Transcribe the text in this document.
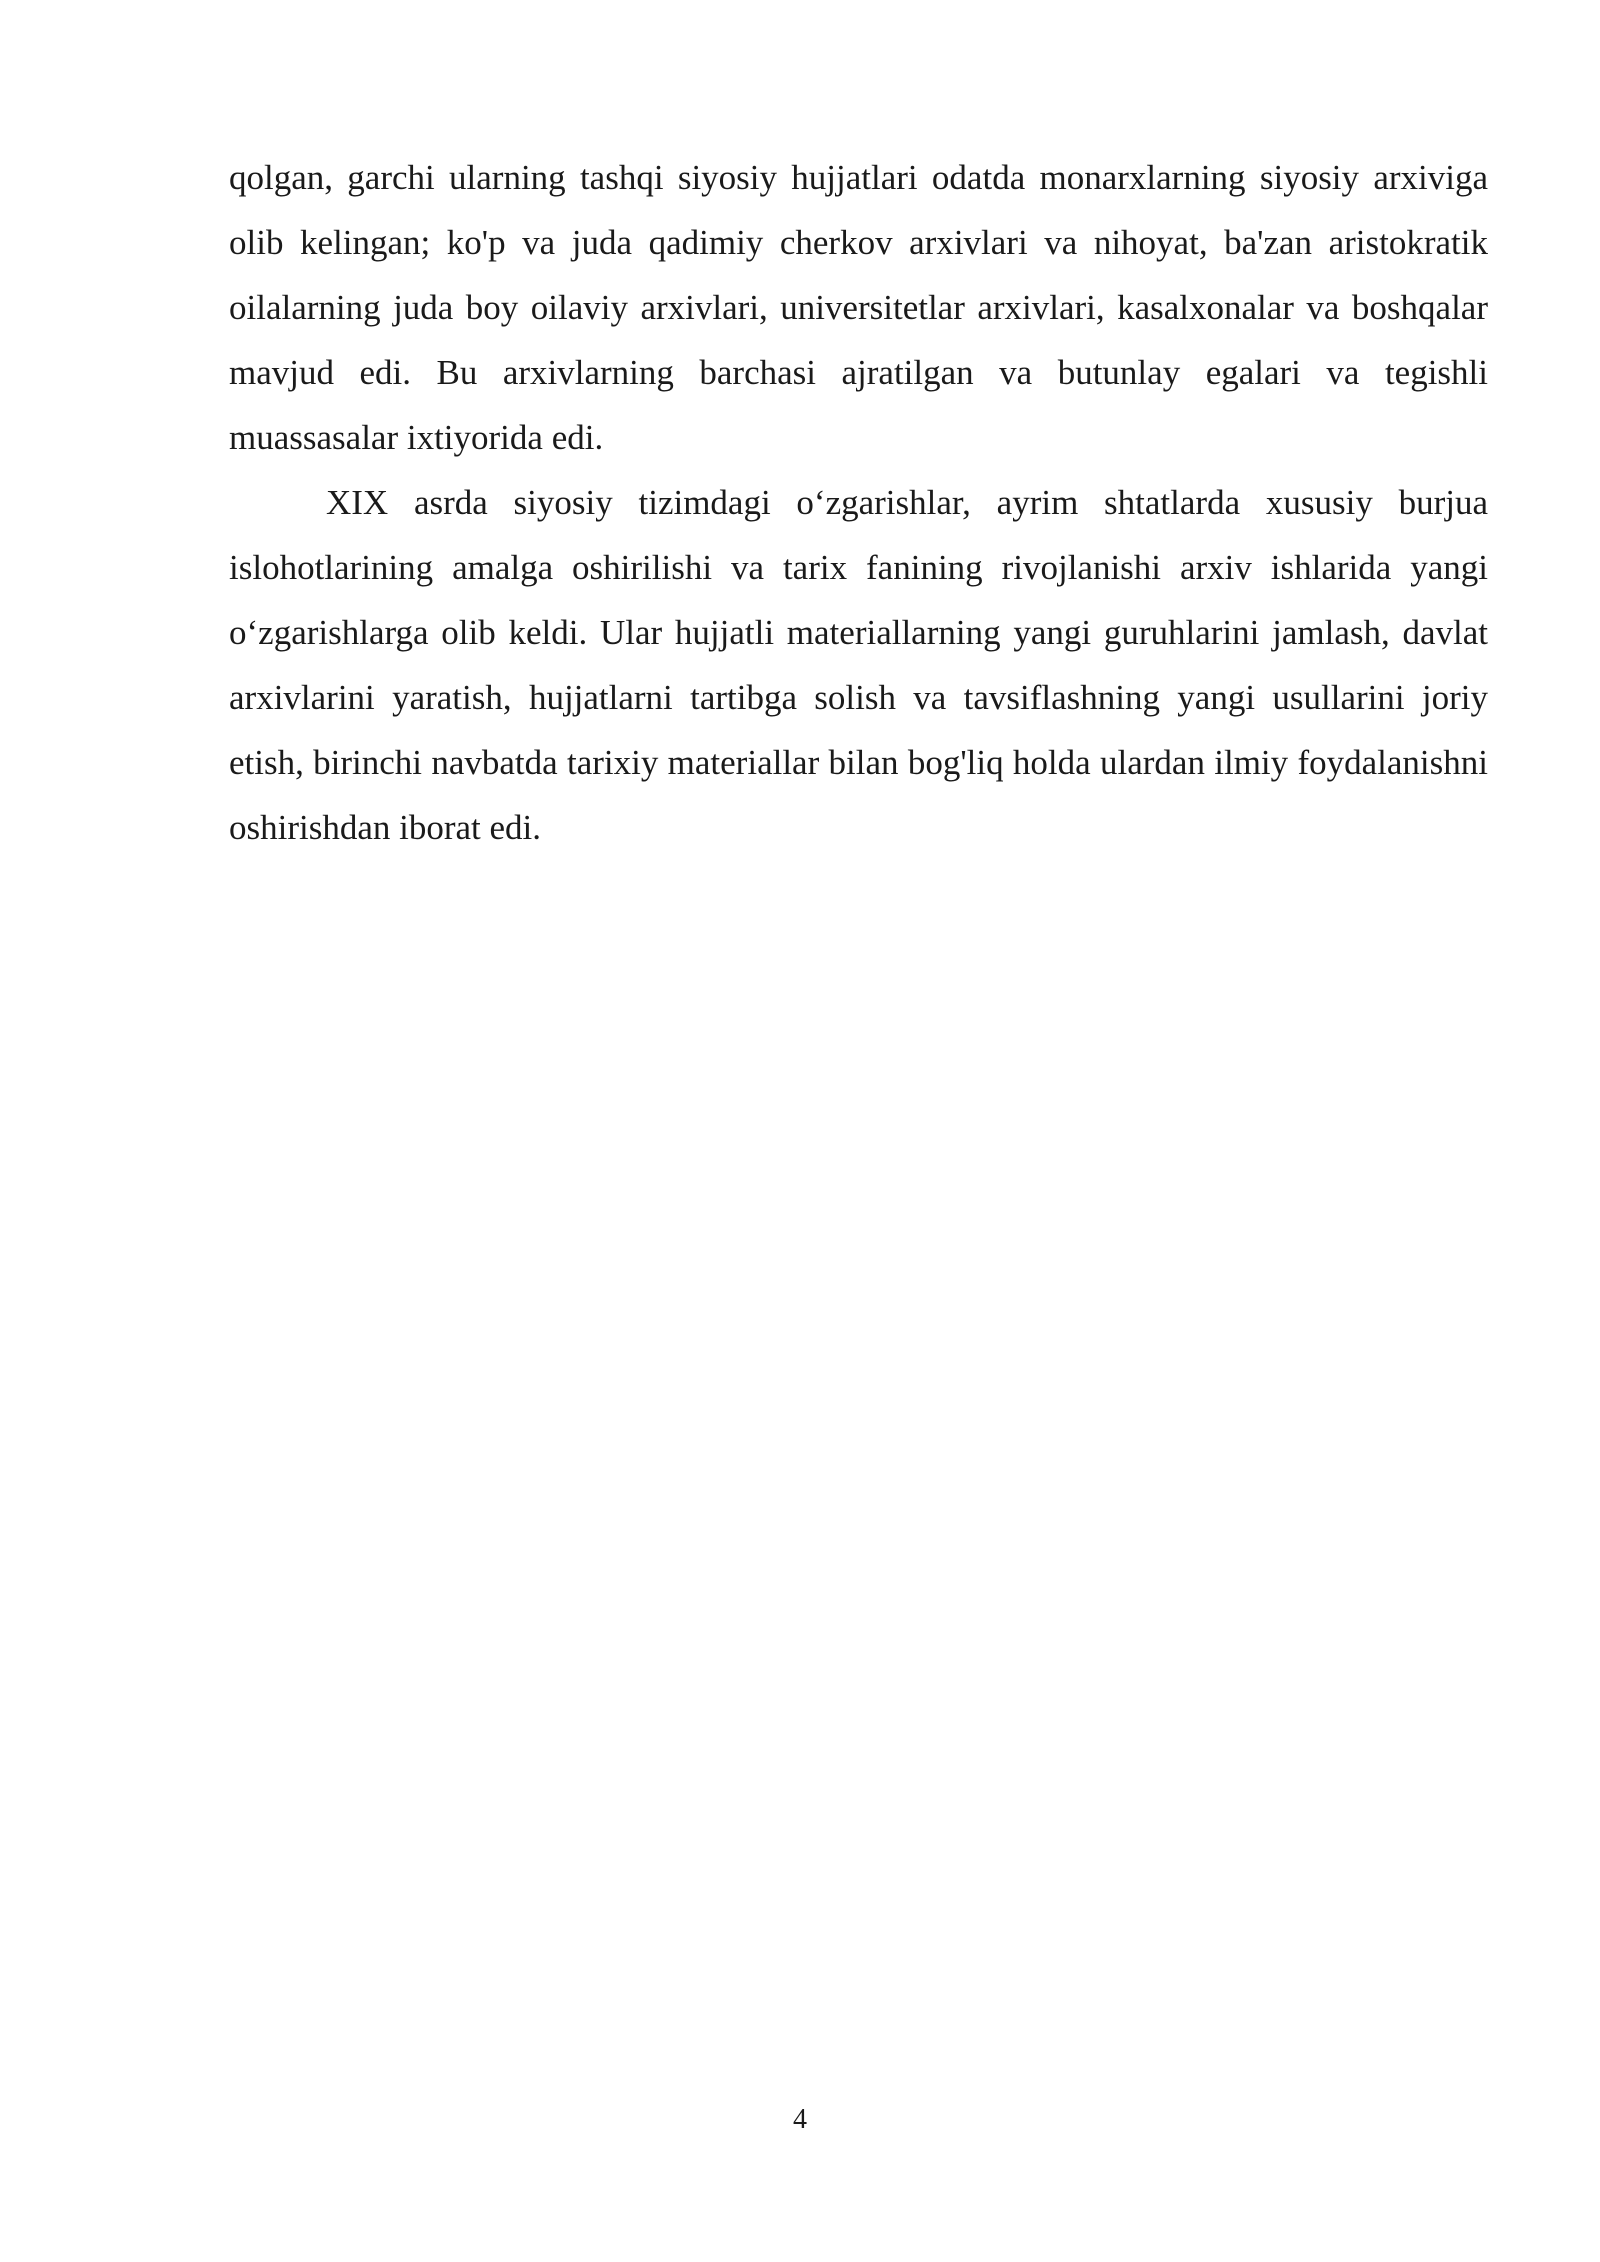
qolgan, garchi ularning tashqi siyosiy hujjatlari odatda monarxlarning siyosiy arxiviga olib kelingan; ko'p va juda qadimiy cherkov arxivlari va nihoyat, ba'zan aristokratik oilalarning juda boy oilaviy arxivlari, universitetlar arxivlari, kasalxonalar va boshqalar mavjud edi. Bu arxivlarning barchasi ajratilgan va butunlay egalari va tegishli muassasalar ixtiyorida edi.

XIX asrda siyosiy tizimdagi o‘zgarishlar, ayrim shtatlarda xususiy burjua islohotlarining amalga oshirilishi va tarix fanining rivojlanishi arxiv ishlarida yangi o‘zgarishlarga olib keldi. Ular hujjatli materiallarning yangi guruhlarini jamlash, davlat arxivlarini yaratish, hujjatlarni tartibga solish va tavsiflashning yangi usullarini joriy etish, birinchi navbatda tarixiy materiallar bilan bog'liq holda ulardan ilmiy foydalanishni oshirishdan iborat edi.

4
